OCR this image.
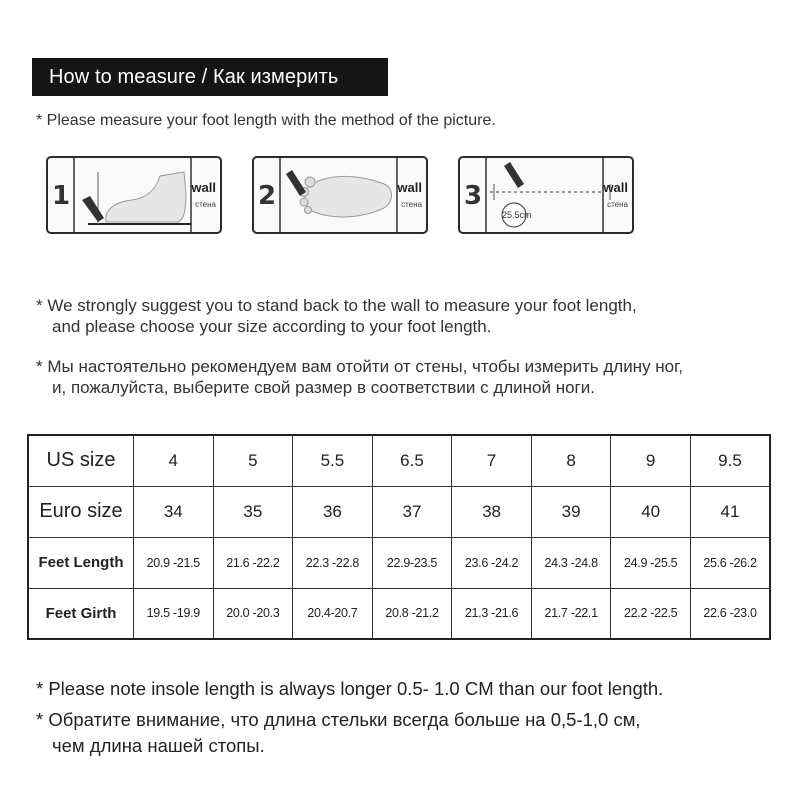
How to measure / Как измерить
* Please measure your foot length with the method of the picture.
1	wall
стена 2	wall
стена 3	wall
стена
25.5cm
* We strongly suggest you to stand back to the wall to measure your foot length,
and please choose your size according to your foot length.
* Мы настоятельно рекомендуем вам отойти от стены, чтобы измерить длину ног,
и, пожалуйста, выберите свой размер в соответствии с длиной ноги.
US size	4	5	5.5	6.5	7	8	9	9.5
Euro size	34	35	36	37	38	39	40	41
Feet Length	20.9 -21.5	21.6 -22.2	22.3 -22.8	22.9-23.5	23.6 -24.2	24.3 -24.8	24.9 -25.5	25.6 -26.2
Feet Girth	19.5 -19.9	20.0 -20.3	20.4-20.7	20.8 -21.2	21.3 -21.6	21.7 -22.1	22.2 -22.5	22.6 -23.0
* Please note insole length is always longer 0.5- 1.0 CM than our foot length.
* Обратите внимание, что длина стельки всегда больше на 0,5-1,0 см,
чем длина нашей стопы.
